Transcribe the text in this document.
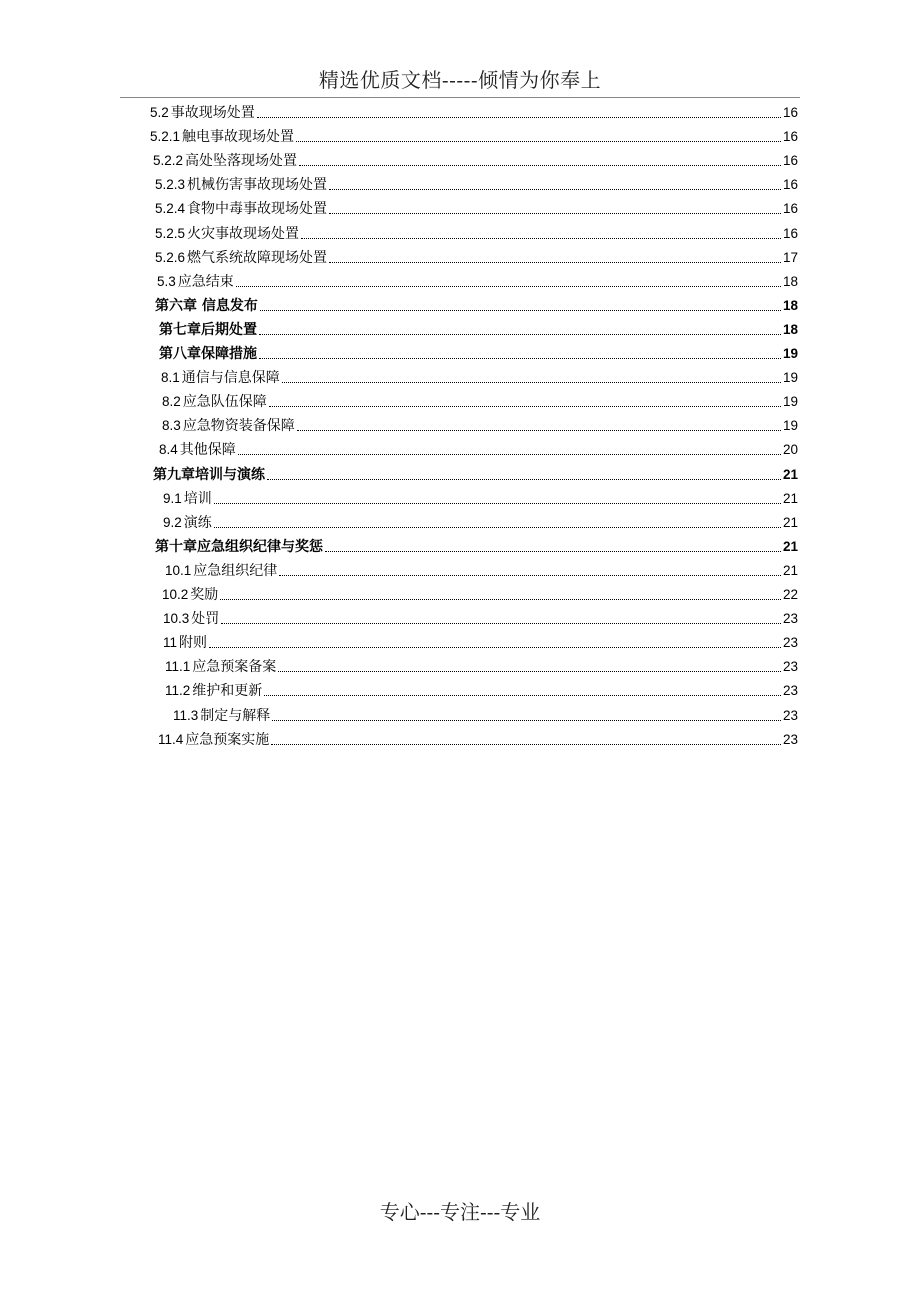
精选优质文档-----倾情为你奉上
5.2 事故现场处置	16
5.2.1 触电事故现场处置	16
5.2.2 高处坠落现场处置	16
5.2.3 机械伤害事故现场处置	16
5.2.4 食物中毒事故现场处置	16
5.2.5 火灾事故现场处置	16
5.2.6 燃气系统故障现场处置	17
5.3 应急结束	18
第六章 信息发布	18
第七章后期处置	18
第八章保障措施	19
8.1 通信与信息保障	19
8.2 应急队伍保障	19
8.3 应急物资装备保障	19
8.4 其他保障	20
第九章培训与演练	21
9.1 培训	21
9.2 演练	21
第十章应急组织纪律与奖惩	21
10.1 应急组织纪律	21
10.2 奖励	22
10.3 处罚	23
11 附则	23
11.1 应急预案备案	23
11.2 维护和更新	23
11.3 制定与解释	23
11.4 应急预案实施	23
专心---专注---专业
